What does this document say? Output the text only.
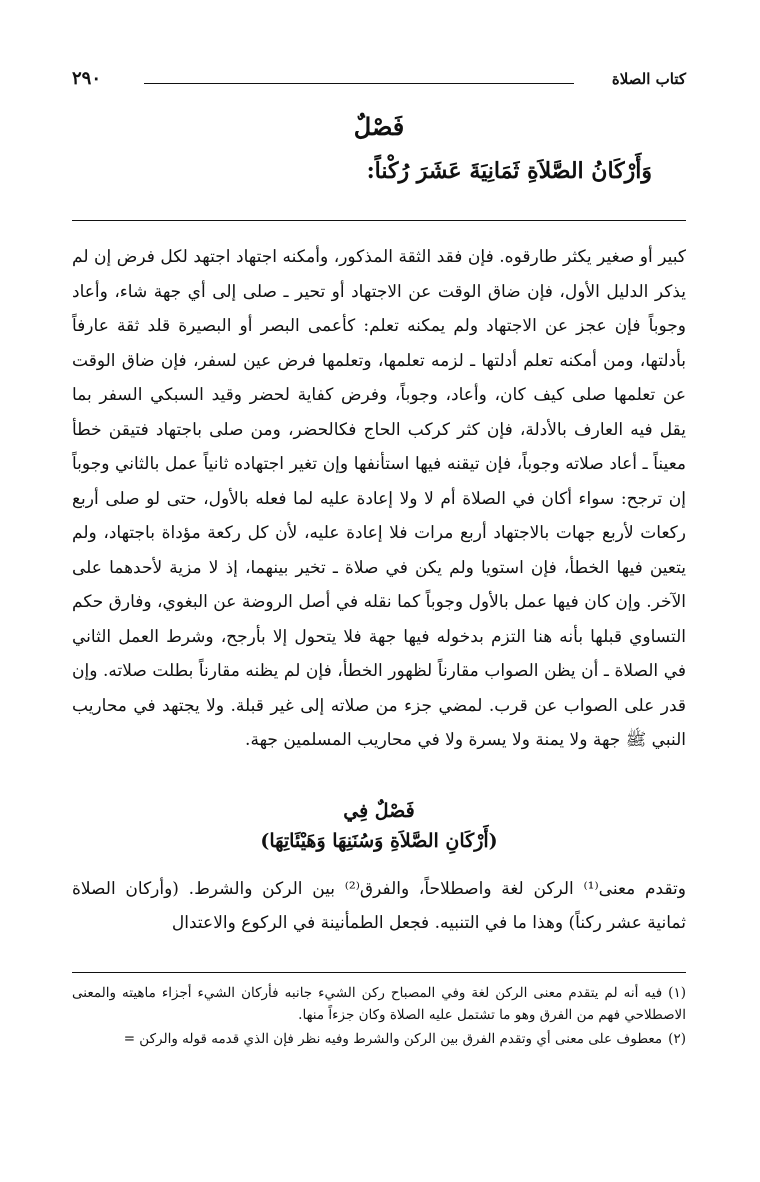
كتاب الصلاة
٢٩٠
فَصْلٌ
وَأَرْكَانُ الصَّلاَةِ ثَمَانِيَةَ عَشَرَ رُكْناً:

كبير أو صغير يكثر طارقوه. فإن فقد الثقة المذكور، وأمكنه اجتهاد اجتهد لكل فرض إن لم يذكر الدليل الأول، فإن ضاق الوقت عن الاجتهاد أو تحير ـ صلى إلى أي جهة شاء، وأعاد وجوباً فإن عجز عن الاجتهاد ولم يمكنه تعلم: كأعمى البصر أو البصيرة قلد ثقة عارفاً بأدلتها، ومن أمكنه تعلم أدلتها ـ لزمه تعلمها، وتعلمها فرض عين لسفر، فإن ضاق الوقت عن تعلمها صلى كيف كان، وأعاد، وجوباً، وفرض كفاية لحضر وقيد السبكي السفر بما يقل فيه العارف بالأدلة، فإن كثر كركب الحاج فكالحضر، ومن صلى باجتهاد فتيقن خطأ معيناً ـ أعاد صلاته وجوباً، فإن تيقنه فيها استأنفها وإن تغير اجتهاده ثانياً عمل بالثاني وجوباً إن ترجح: سواء أكان في الصلاة أم لا ولا إعادة عليه لما فعله بالأول، حتى لو صلى أربع ركعات لأربع جهات بالاجتهاد أربع مرات فلا إعادة عليه، لأن كل ركعة مؤداة باجتهاد، ولم يتعين فيها الخطأ، فإن استويا ولم يكن في صلاة ـ تخير بينهما، إذ لا مزية لأحدهما على الآخر. وإن كان فيها عمل بالأول وجوباً كما نقله في أصل الروضة عن البغوي، وفارق حكم التساوي قبلها بأنه هنا التزم بدخوله فيها جهة فلا يتحول إلا بأرجح، وشرط العمل الثاني في الصلاة ـ أن يظن الصواب مقارناً لظهور الخطأ، فإن لم يظنه مقارناً بطلت صلاته. وإن قدر على الصواب عن قرب. لمضي جزء من صلاته إلى غير قبلة. ولا يجتهد في محاريب النبي ﷺ جهة ولا يمنة ولا يسرة ولا في محاريب المسلمين جهة.

فَصْلٌ فِي
(أَرْكَانِ الصَّلاَةِ وَسُنَنِهَا وَهَيْئَاتِهَا)

وتقدم معنى⁽¹⁾ الركن لغة واصطلاحاً، والفرق⁽²⁾ بين الركن والشرط. (وأركان الصلاة ثمانية عشر ركناً) وهذا ما في التنبيه. فجعل الطمأنينة في الركوع والاعتدال

(١)فيه أنه لم يتقدم معنى الركن لغة وفي المصباح ركن الشيء جانبه فأركان الشيء أجزاء ماهيته والمعنى الاصطلاحي فهم من الفرق وهو ما تشتمل عليه الصلاة وكان جزءاً منها.

(٢)معطوف على معنى أي وتقدم الفرق بين الركن والشرط وفيه نظر فإن الذي قدمه قوله والركن =
